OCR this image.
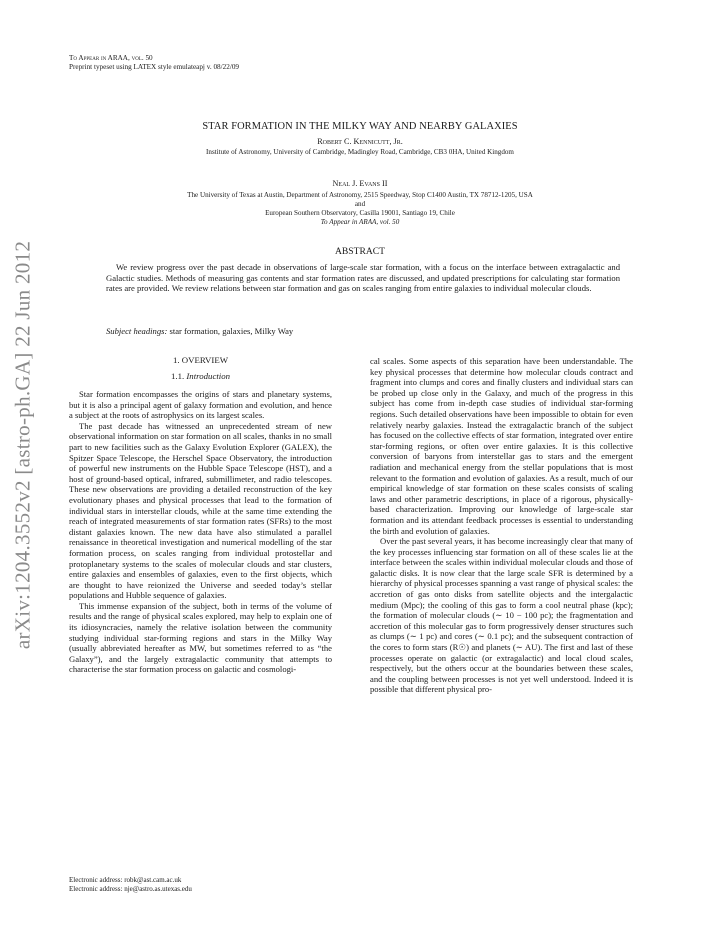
To Appear in ARAA, vol. 50
Preprint typeset using LATEX style emulateapj v. 08/22/09
arXiv:1204.3552v2 [astro-ph.GA] 22 Jun 2012
STAR FORMATION IN THE MILKY WAY AND NEARBY GALAXIES
Robert C. Kennicutt, Jr.
Institute of Astronomy, University of Cambridge, Madingley Road, Cambridge, CB3 0HA, United Kingdom
Neal J. Evans II
The University of Texas at Austin, Department of Astronomy, 2515 Speedway, Stop C1400 Austin, TX 78712-1205, USA
and
European Southern Observatory, Casilla 19001, Santiago 19, Chile
To Appear in ARAA, vol. 50
ABSTRACT
We review progress over the past decade in observations of large-scale star formation, with a focus on the interface between extragalactic and Galactic studies. Methods of measuring gas contents and star formation rates are discussed, and updated prescriptions for calculating star formation rates are provided. We review relations between star formation and gas on scales ranging from entire galaxies to individual molecular clouds.
Subject headings: star formation, galaxies, Milky Way
1. OVERVIEW
1.1. Introduction

Star formation encompasses the origins of stars and planetary systems, but it is also a principal agent of galaxy formation and evolution, and hence a subject at the roots of astrophysics on its largest scales.

The past decade has witnessed an unprecedented stream of new observational information on star formation on all scales, thanks in no small part to new facilities such as the Galaxy Evolution Explorer (GALEX), the Spitzer Space Telescope, the Herschel Space Observatory, the introduction of powerful new instruments on the Hubble Space Telescope (HST), and a host of ground-based optical, infrared, submillimeter, and radio telescopes. These new observations are providing a detailed reconstruction of the key evolutionary phases and physical processes that lead to the formation of individual stars in interstellar clouds, while at the same time extending the reach of integrated measurements of star formation rates (SFRs) to the most distant galaxies known. The new data have also stimulated a parallel renaissance in theoretical investigation and numerical modelling of the star formation process, on scales ranging from individual protostellar and protoplanetary systems to the scales of molecular clouds and star clusters, entire galaxies and ensembles of galaxies, even to the first objects, which are thought to have reionized the Universe and seeded today’s stellar populations and Hubble sequence of galaxies.

This immense expansion of the subject, both in terms of the volume of results and the range of physical scales explored, may help to explain one of its idiosyncracies, namely the relative isolation between the community studying individual star-forming regions and stars in the Milky Way (usually abbreviated hereafter as MW, but sometimes referred to as “the Galaxy”), and the largely extragalactic community that attempts to characterise the star formation process on galactic and cosmologi-

cal scales. Some aspects of this separation have been understandable. The key physical processes that determine how molecular clouds contract and fragment into clumps and cores and finally clusters and individual stars can be probed up close only in the Galaxy, and much of the progress in this subject has come from in-depth case studies of individual star-forming regions. Such detailed observations have been impossible to obtain for even relatively nearby galaxies. Instead the extragalactic branch of the subject has focused on the collective effects of star formation, integrated over entire star-forming regions, or often over entire galaxies. It is this collective conversion of baryons from interstellar gas to stars and the emergent radiation and mechanical energy from the stellar populations that is most relevant to the formation and evolution of galaxies. As a result, much of our empirical knowledge of star formation on these scales consists of scaling laws and other parametric descriptions, in place of a rigorous, physically-based characterization. Improving our knowledge of large-scale star formation and its attendant feedback processes is essential to understanding the birth and evolution of galaxies.

Over the past several years, it has become increasingly clear that many of the key processes influencing star formation on all of these scales lie at the interface between the scales within individual molecular clouds and those of galactic disks. It is now clear that the large scale SFR is determined by a hierarchy of physical processes spanning a vast range of physical scales: the accretion of gas onto disks from satellite objects and the intergalactic medium (Mpc); the cooling of this gas to form a cool neutral phase (kpc); the formation of molecular clouds (∼ 10 − 100 pc); the fragmentation and accretion of this molecular gas to form progressively denser structures such as clumps (∼ 1 pc) and cores (∼ 0.1 pc); and the subsequent contraction of the cores to form stars (R☉) and planets (∼ AU). The first and last of these processes operate on galactic (or extragalactic) and local cloud scales, respectively, but the others occur at the boundaries between these scales, and the coupling between processes is not yet well understood. Indeed it is possible that different physical pro-

Electronic address: robk@ast.cam.ac.uk
Electronic address: nje@astro.as.utexas.edu
